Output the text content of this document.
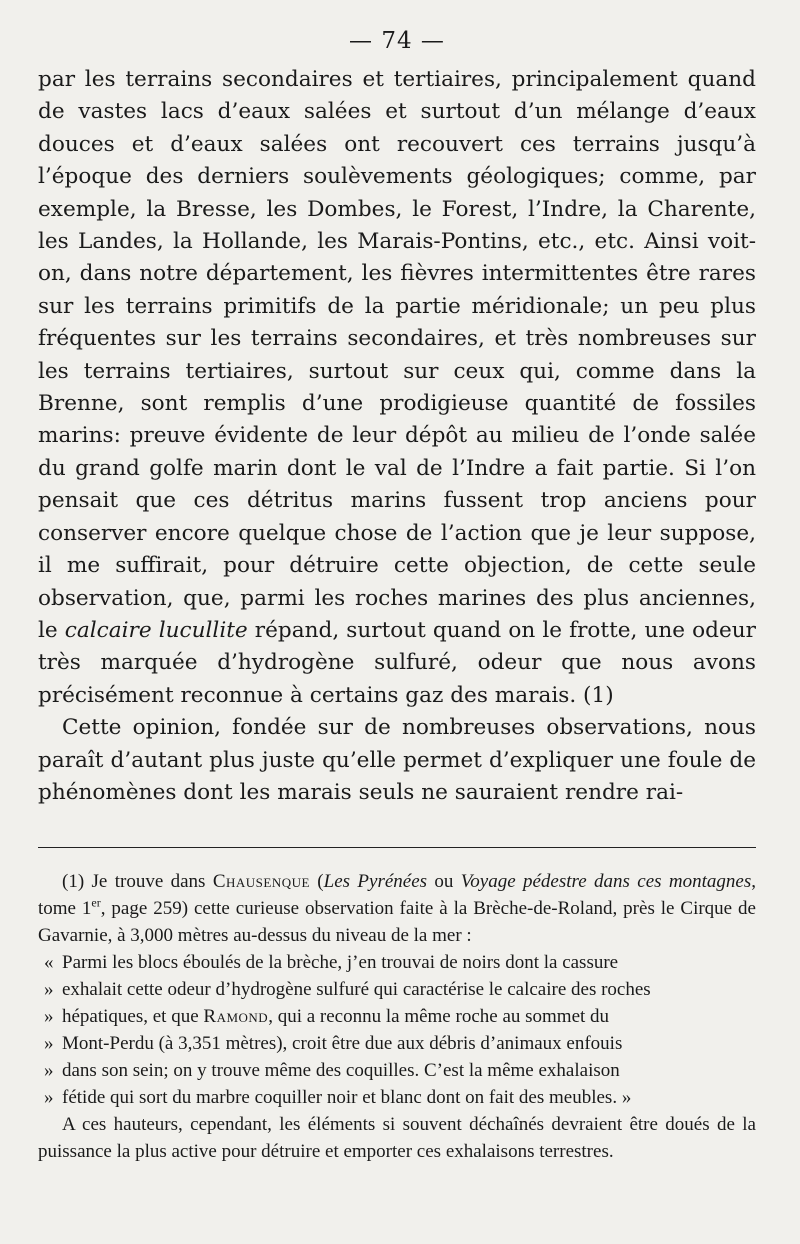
— 74 —

par les terrains secondaires et tertiaires, principalement quand de vastes lacs d’eaux salées et surtout d’un mélange d’eaux douces et d’eaux salées ont recouvert ces terrains jusqu’à l’époque des derniers soulèvements géologiques; comme, par exemple, la Bresse, les Dombes, le Forest, l’Indre, la Charente, les Landes, la Hollande, les Marais-Pontins, etc., etc. Ainsi voit-on, dans notre département, les fièvres intermittentes être rares sur les terrains primitifs de la partie méridionale; un peu plus fréquentes sur les terrains secondaires, et très nombreuses sur les terrains tertiaires, surtout sur ceux qui, comme dans la Brenne, sont remplis d’une prodigieuse quantité de fossiles marins: preuve évidente de leur dépôt au milieu de l’onde salée du grand golfe marin dont le val de l’Indre a fait partie. Si l’on pensait que ces détritus marins fussent trop anciens pour conserver encore quelque chose de l’action que je leur suppose, il me suffirait, pour détruire cette objection, de cette seule observation, que, parmi les roches marines des plus anciennes, le calcaire lucullite répand, surtout quand on le frotte, une odeur très marquée d’hydrogène sulfuré, odeur que nous avons précisément reconnue à certains gaz des marais. (1)

Cette opinion, fondée sur de nombreuses observations, nous paraît d’autant plus juste qu’elle permet d’expliquer une foule de phénomènes dont les marais seuls ne sauraient rendre rai-

(1) Je trouve dans Chausenque (Les Pyrénées ou Voyage pédestre dans ces montagnes, tome 1er, page 259) cette curieuse observation faite à la Brèche-de-Roland, près le Cirque de Gavarnie, à 3,000 mètres au-dessus du niveau de la mer :

« Parmi les blocs éboulés de la brèche, j’en trouvai de noirs dont la cassure

» exhalait cette odeur d’hydrogène sulfuré qui caractérise le calcaire des roches

» hépatiques, et que Ramond, qui a reconnu la même roche au sommet du

» Mont-Perdu (à 3,351 mètres), croit être due aux débris d’animaux enfouis

» dans son sein; on y trouve même des coquilles. C’est la même exhalaison

» fétide qui sort du marbre coquiller noir et blanc dont on fait des meubles. »

A ces hauteurs, cependant, les éléments si souvent déchaînés devraient être doués de la puissance la plus active pour détruire et emporter ces exhalaisons terrestres.
